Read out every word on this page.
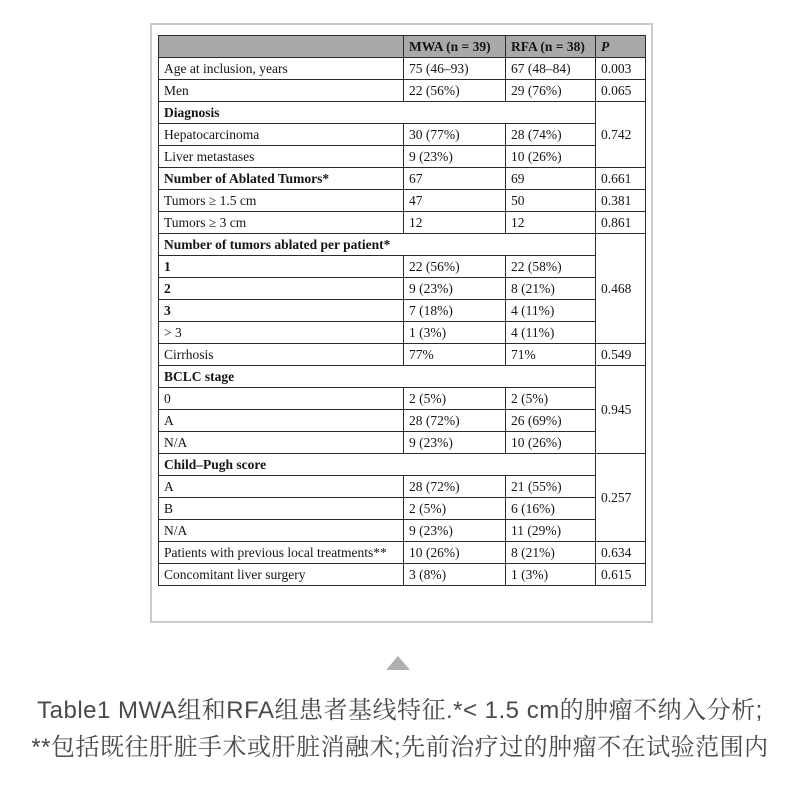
	MWA (n = 39)	RFA (n = 38)	P
Age at inclusion, years	75 (46–93)	67 (48–84)	0.003
Men	22 (56%)	29 (76%)	0.065
Diagnosis			0.742
Hepatocarcinoma	30 (77%)	28 (74%)	
Liver metastases	9 (23%)	10 (26%)	
Number of Ablated Tumors*	67	69	0.661
Tumors ≥ 1.5 cm	47	50	0.381
Tumors ≥ 3 cm	12	12	0.861
Number of tumors ablated per patient*			0.468
1	22 (56%)	22 (58%)	
2	9 (23%)	8 (21%)	
3	7 (18%)	4 (11%)	
> 3	1 (3%)	4 (11%)	
Cirrhosis	77%	71%	0.549
BCLC stage			0.945
0	2 (5%)	2 (5%)	
A	28 (72%)	26 (69%)	
N/A	9 (23%)	10 (26%)	
Child–Pugh score			0.257
A	28 (72%)	21 (55%)	
B	2 (5%)	6 (16%)	
N/A	9 (23%)	11 (29%)	
Patients with previous local treatments**	10 (26%)	8 (21%)	0.634
Concomitant liver surgery	3 (8%)	1 (3%)	0.615
Table1 MWA组和RFA组患者基线特征.*< 1.5 cm的肿瘤不纳入分析;
**包括既往肝脏手术或肝脏消融术;先前治疗过的肿瘤不在试验范围内
